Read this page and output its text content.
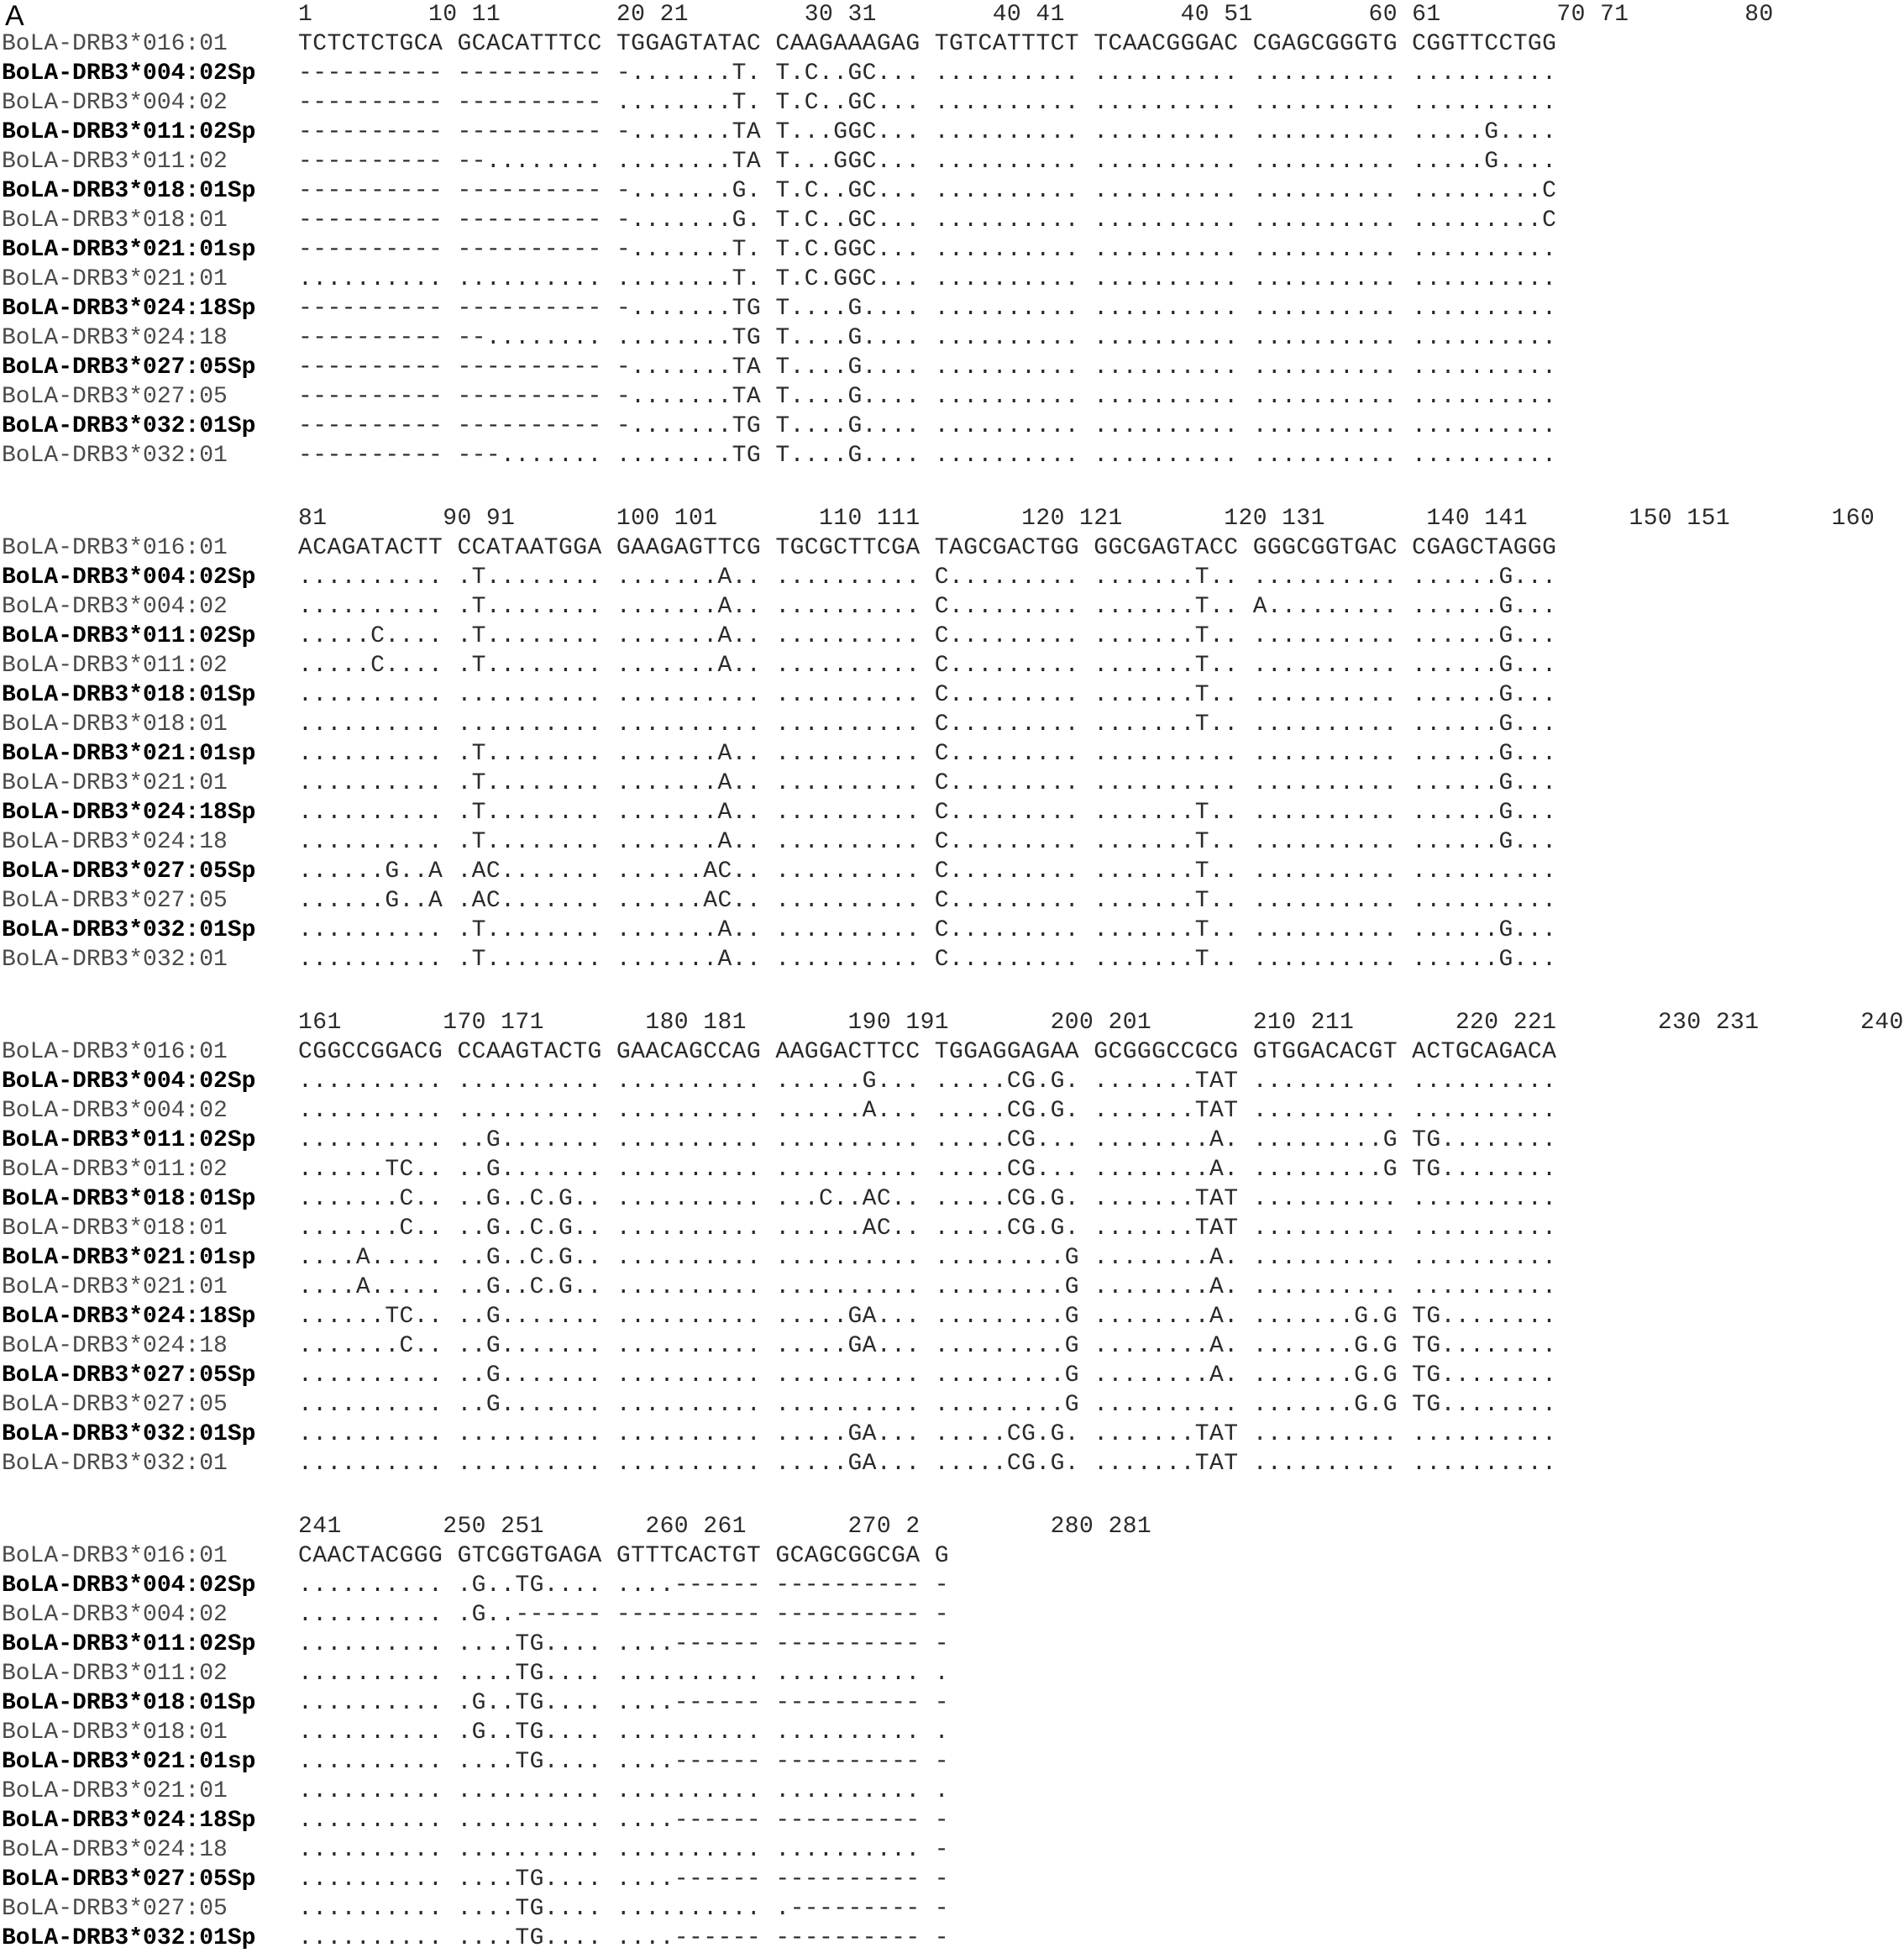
A	1        10 11        20 21        30 31        40 41        40 51        60 61        70 71        80
BoLA-DRB3*016:01	TCTCTCTGCA GCACATTTCC TGGAGTATAC CAAGAAAGAG TGTCATTTCT TCAACGGGAC CGAGCGGGTG CGGTTCCTGG
BoLA-DRB3*004:02Sp	---------- ---------- -.......T. T.C..GC... .......... .......... .......... ..........
BoLA-DRB3*004:02	---------- ---------- ........T. T.C..GC... .......... .......... .......... ..........
BoLA-DRB3*011:02Sp	---------- ---------- -.......TA T...GGC... .......... .......... .......... .....G....
BoLA-DRB3*011:02	---------- --........ ........TA T...GGC... .......... .......... .......... .....G....
BoLA-DRB3*018:01Sp	---------- ---------- -.......G. T.C..GC... .......... .......... .......... .........C
BoLA-DRB3*018:01	---------- ---------- -.......G. T.C..GC... .......... .......... .......... .........C
BoLA-DRB3*021:01sp	---------- ---------- -.......T. T.C.GGC... .......... .......... .......... ..........
BoLA-DRB3*021:01	.......... .......... ........T. T.C.GGC... .......... .......... .......... ..........
BoLA-DRB3*024:18Sp	---------- ---------- -.......TG T....G.... .......... .......... .......... ..........
BoLA-DRB3*024:18	---------- --........ ........TG T....G.... .......... .......... .......... ..........
BoLA-DRB3*027:05Sp	---------- ---------- -.......TA T....G.... .......... .......... .......... ..........
BoLA-DRB3*027:05	---------- ---------- -.......TA T....G.... .......... .......... .......... ..........
BoLA-DRB3*032:01Sp	---------- ---------- -.......TG T....G.... .......... .......... .......... ..........
BoLA-DRB3*032:01	---------- ---....... ........TG T....G.... .......... .......... .......... ..........
81        90 91       100 101       110 111       120 121       120 131       140 141       150 151       160
BoLA-DRB3*016:01	ACAGATACTT CCATAATGGA GAAGAGTTCG TGCGCTTCGA TAGCGACTGG GGCGAGTACC GGGCGGTGAC CGAGCTAGGG
BoLA-DRB3*004:02Sp	.......... .T........ .......A.. .......... C......... .......T.. .......... ......G...
BoLA-DRB3*004:02	.......... .T........ .......A.. .......... C......... .......T.. A......... ......G...
BoLA-DRB3*011:02Sp	.....C.... .T........ .......A.. .......... C......... .......T.. .......... ......G...
BoLA-DRB3*011:02	.....C.... .T........ .......A.. .......... C......... .......T.. .......... ......G...
BoLA-DRB3*018:01Sp	.......... .......... .......... .......... C......... .......T.. .......... ......G...
BoLA-DRB3*018:01	.......... .......... .......... .......... C......... .......T.. .......... ......G...
BoLA-DRB3*021:01sp	.......... .T........ .......A.. .......... C......... .......... .......... ......G...
BoLA-DRB3*021:01	.......... .T........ .......A.. .......... C......... .......... .......... ......G...
BoLA-DRB3*024:18Sp	.......... .T........ .......A.. .......... C......... .......T.. .......... ......G...
BoLA-DRB3*024:18	.......... .T........ .......A.. .......... C......... .......T.. .......... ......G...
BoLA-DRB3*027:05Sp	......G..A .AC....... ......AC.. .......... C......... .......T.. .......... ..........
BoLA-DRB3*027:05	......G..A .AC....... ......AC.. .......... C......... .......T.. .......... ..........
BoLA-DRB3*032:01Sp	.......... .T........ .......A.. .......... C......... .......T.. .......... ......G...
BoLA-DRB3*032:01	.......... .T........ .......A.. .......... C......... .......T.. .......... ......G...
161       170 171       180 181       190 191       200 201       210 211       220 221       230 231       240
BoLA-DRB3*016:01	CGGCCGGACG CCAAGTACTG GAACAGCCAG AAGGACTTCC TGGAGGAGAA GCGGGCCGCG GTGGACACGT ACTGCAGACA
BoLA-DRB3*004:02Sp	.......... .......... .......... ......G... .....CG.G. .......TAT .......... ..........
BoLA-DRB3*004:02	.......... .......... .......... ......A... .....CG.G. .......TAT .......... ..........
BoLA-DRB3*011:02Sp	.......... ..G....... .......... .......... .....CG... ........A. .........G TG........
BoLA-DRB3*011:02	......TC.. ..G....... .......... .......... .....CG... ........A. .........G TG........
BoLA-DRB3*018:01Sp	.......C.. ..G..C.G.. .......... ...C..AC.. .....CG.G. .......TAT .......... ..........
BoLA-DRB3*018:01	.......C.. ..G..C.G.. .......... ......AC.. .....CG.G. .......TAT .......... ..........
BoLA-DRB3*021:01sp	....A..... ..G..C.G.. .......... .......... .........G ........A. .......... ..........
BoLA-DRB3*021:01	....A..... ..G..C.G.. .......... .......... .........G ........A. .......... ..........
BoLA-DRB3*024:18Sp	......TC.. ..G....... .......... .....GA... .........G ........A. .......G.G TG........
BoLA-DRB3*024:18	.......C.. ..G....... .......... .....GA... .........G ........A. .......G.G TG........
BoLA-DRB3*027:05Sp	.......... ..G....... .......... .......... .........G ........A. .......G.G TG........
BoLA-DRB3*027:05	.......... ..G....... .......... .......... .........G .......... .......G.G TG........
BoLA-DRB3*032:01Sp	.......... .......... .......... .....GA... .....CG.G. .......TAT .......... ..........
BoLA-DRB3*032:01	.......... .......... .......... .....GA... .....CG.G. .......TAT .......... ..........
241       250 251       260 261       270 2         280 281
BoLA-DRB3*016:01	CAACTACGGG GTCGGTGAGA GTTTCACTGT GCAGCGGCGA G
BoLA-DRB3*004:02Sp	.......... .G..TG.... ....------ ---------- -
BoLA-DRB3*004:02	.......... .G..------ ---------- ---------- -
BoLA-DRB3*011:02Sp	.......... ....TG.... ....------ ---------- -
BoLA-DRB3*011:02	.......... ....TG.... .......... .......... .
BoLA-DRB3*018:01Sp	.......... .G..TG.... ....------ ---------- -
BoLA-DRB3*018:01	.......... .G..TG.... .......... .......... .
BoLA-DRB3*021:01sp	.......... ....TG.... ....------ ---------- -
BoLA-DRB3*021:01	.......... .......... .......... .......... .
BoLA-DRB3*024:18Sp	.......... .......... ....------ ---------- -
BoLA-DRB3*024:18	.......... .......... .......... .......... -
BoLA-DRB3*027:05Sp	.......... ....TG.... ....------ ---------- -
BoLA-DRB3*027:05	.......... ....TG.... .......... .--------- -
BoLA-DRB3*032:01Sp	.......... ....TG.... ....------ ---------- -
